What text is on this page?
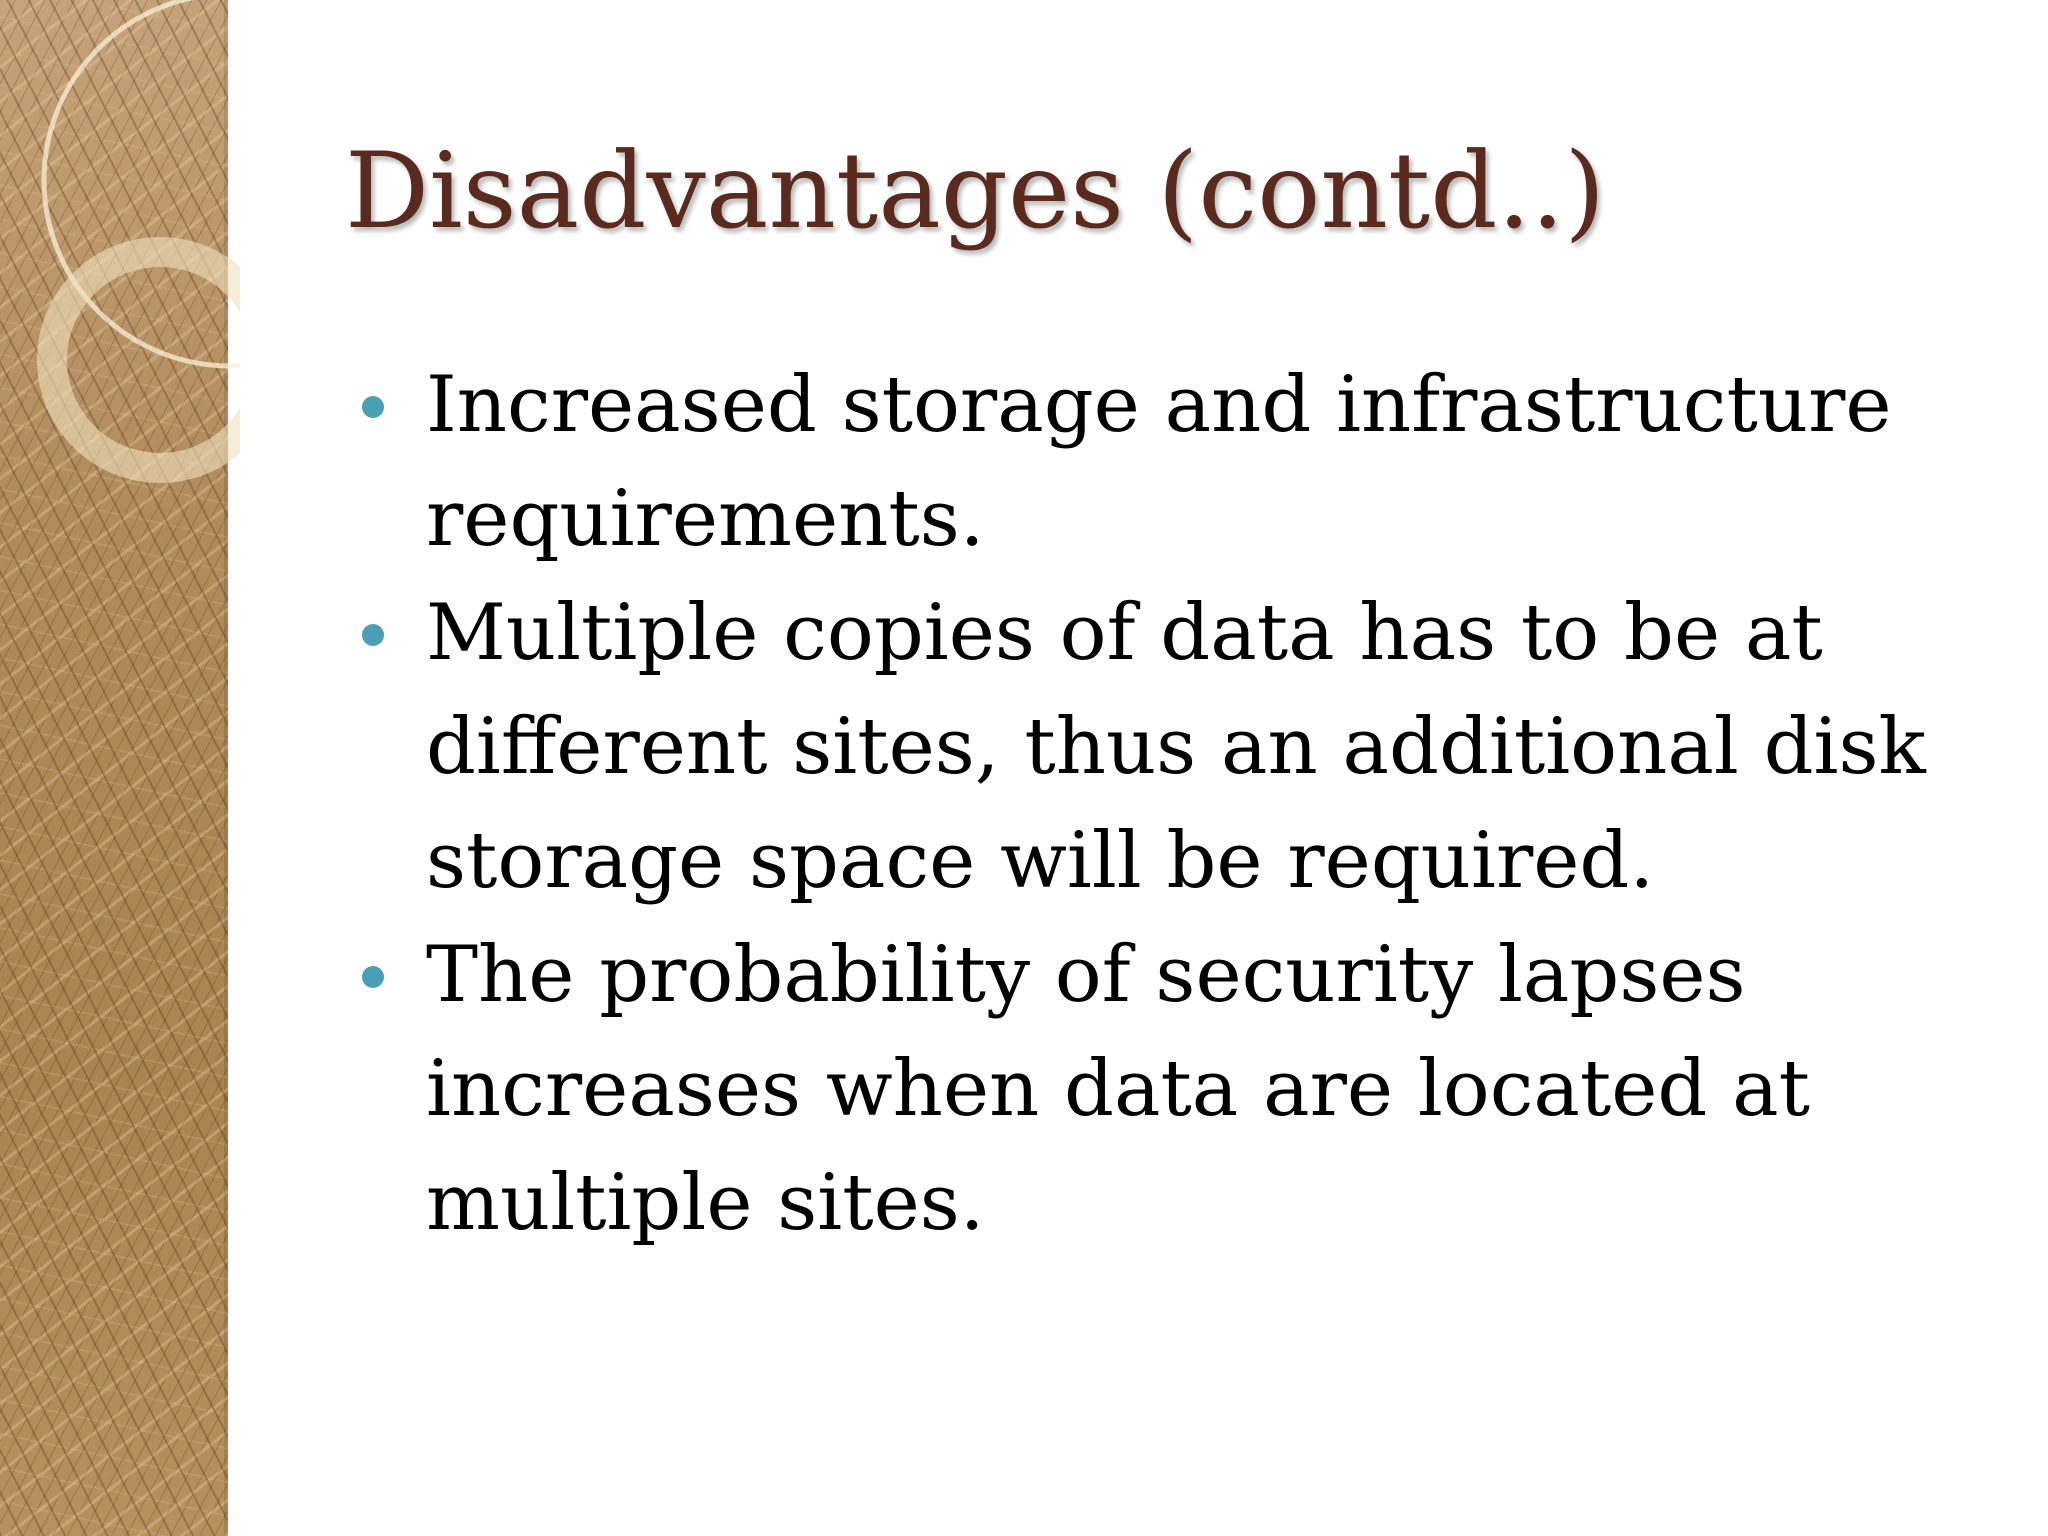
Disadvantages (contd..)
Increased storage and infrastructure requirements.
Multiple copies of data has to be at different sites, thus an additional disk storage space will be required.
The probability of security lapses increases when data are located at multiple sites.
